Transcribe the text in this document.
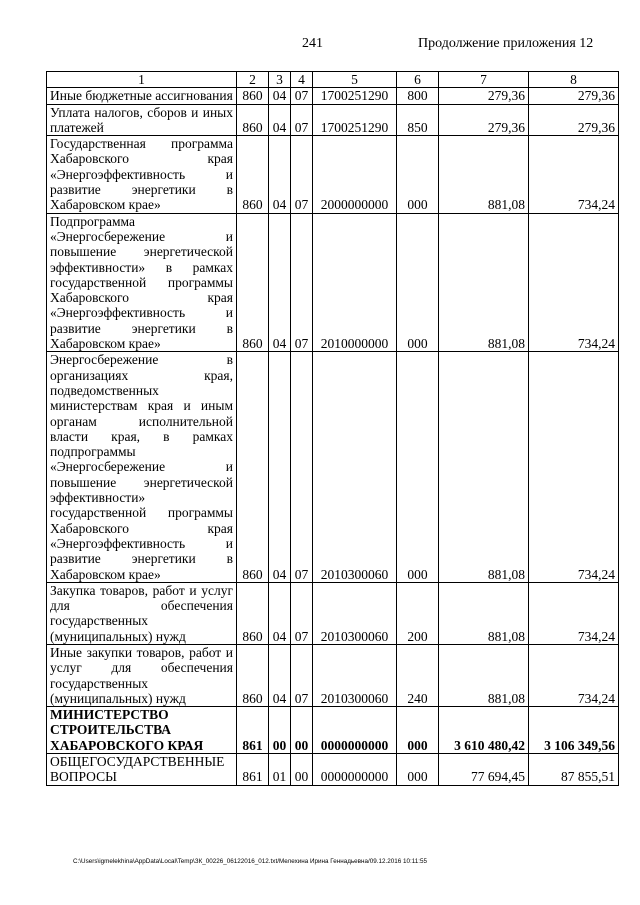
241	Продолжение приложения 12
1	2	3	4	5	6	7	8
Иные бюджетные ассигнования	860	04	07	1700251290	800	279,36	279,36
Уплата налогов, сборов и иных платежей	860	04	07	1700251290	850	279,36	279,36
Государственная программа Хабаровского края «Энергоэффективность и развитие энергетики в Хабаровском крае»	860	04	07	2000000000	000	881,08	734,24
Подпрограмма «Энергосбережение и повышение энергетической эффективности» в рамках государственной программы Хабаровского края «Энергоэффективность и развитие энергетики в Хабаровском крае»	860	04	07	2010000000	000	881,08	734,24
Энергосбережение в организациях края, подведомственных министерствам края и иным органам исполнительной власти края, в рамках подпрограммы «Энергосбережение и повышение энергетической эффективности» государственной программы Хабаровского края «Энергоэффективность и развитие энергетики в Хабаровском крае»	860	04	07	2010300060	000	881,08	734,24
Закупка товаров, работ и услуг для обеспечения государственных (муниципальных) нужд	860	04	07	2010300060	200	881,08	734,24
Иные закупки товаров, работ и услуг для обеспечения государственных (муниципальных) нужд	860	04	07	2010300060	240	881,08	734,24
МИНИСТЕРСТВО СТРОИТЕЛЬСТВА ХАБАРОВСКОГО КРАЯ	861	00	00	0000000000	000	3 610 480,42	3 106 349,56
ОБЩЕГОСУДАРСТВЕННЫЕ ВОПРОСЫ	861	01	00	0000000000	000	77 694,45	87 855,51
C:\Users\igmelekhina\AppData\Local\Temp\ЗК_00226_06122016_012.txt/Мелехина Ирина Геннадьевна/09.12.2016 10:11:55
